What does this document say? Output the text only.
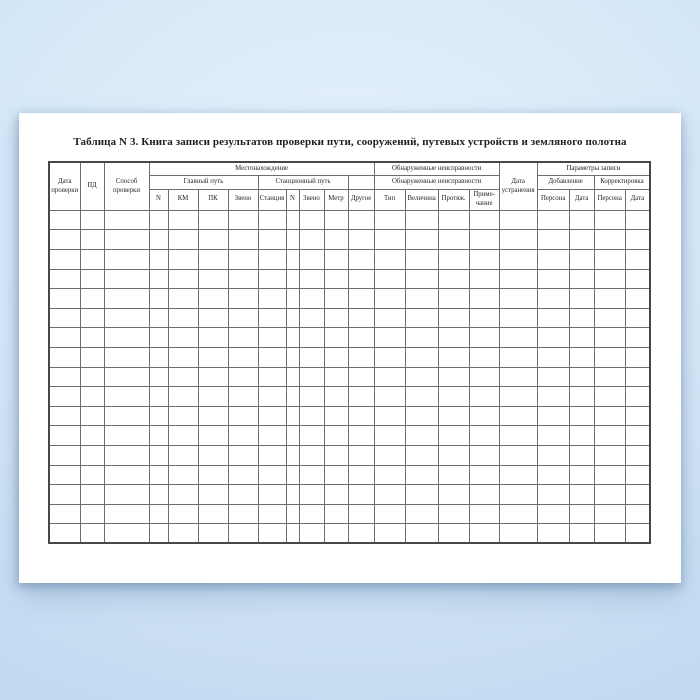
Таблица N 3. Книга записи результатов проверки пути, сооружений, путевых устройств и земляного полотна
Дата проверки	ПД	Способ проверки	Местонахождение									Обнаруженные неисправности				Дата устранения	Параметры записи			
			Главный путь				Станционный путь					Обнаруженные неисправности					Добавление		Корректировка	
			N	КМ	ПК	Звено	Станция	N	Звено	Метр	Другое	Тип	Величина	Протяж.	Приме-чание		Персона	Дата	Персона	Дата
